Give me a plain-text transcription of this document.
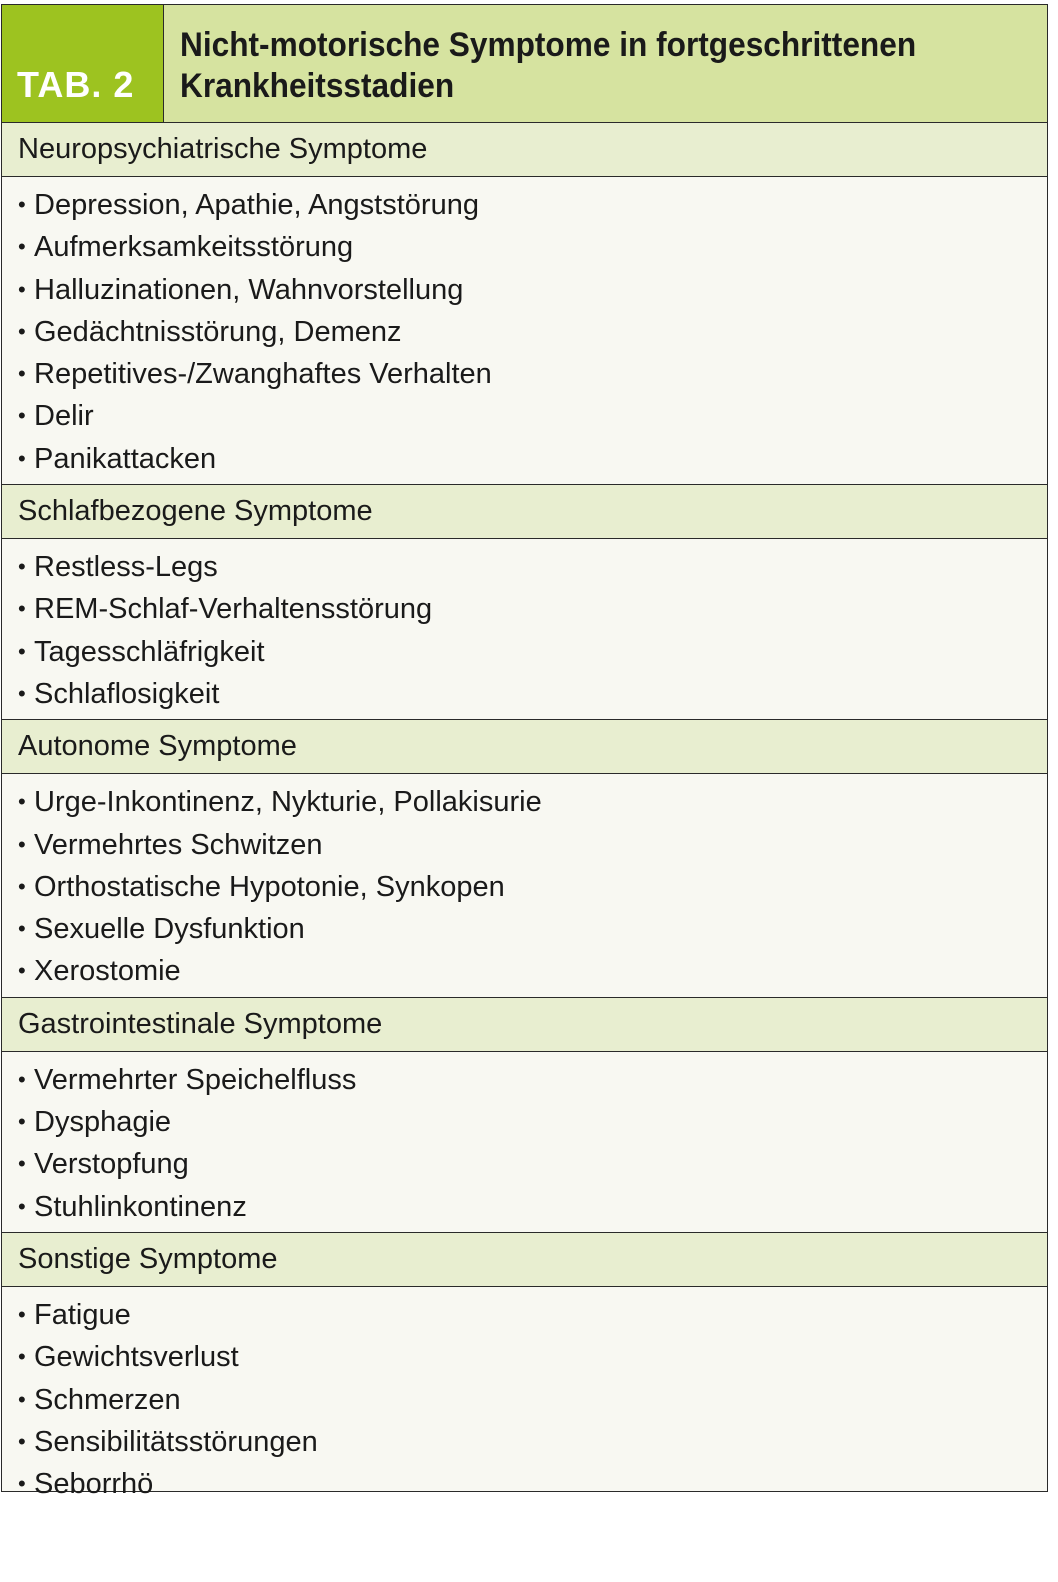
TAB. 2
Nicht-motorische Symptome in fortgeschrittenen
Krankheitsstadien
Neuropsychiatrische Symptome
• Depression, Apathie, Angststörung
• Aufmerksamkeitsstörung
• Halluzinationen, Wahnvorstellung
• Gedächtnisstörung, Demenz
• Repetitives-/Zwanghaftes Verhalten
• Delir
• Panikattacken
Schlafbezogene Symptome
• Restless-Legs
• REM-Schlaf-Verhaltensstörung
• Tagesschläfrigkeit
• Schlaflosigkeit
Autonome Symptome
• Urge-Inkontinenz, Nykturie, Pollakisurie
• Vermehrtes Schwitzen
• Orthostatische Hypotonie, Synkopen
• Sexuelle Dysfunktion
• Xerostomie
Gastrointestinale Symptome
• Vermehrter Speichelfluss
• Dysphagie
• Verstopfung
• Stuhlinkontinenz
Sonstige Symptome
• Fatigue
• Gewichtsverlust
• Schmerzen
• Sensibilitätsstörungen
• Seborrhö
